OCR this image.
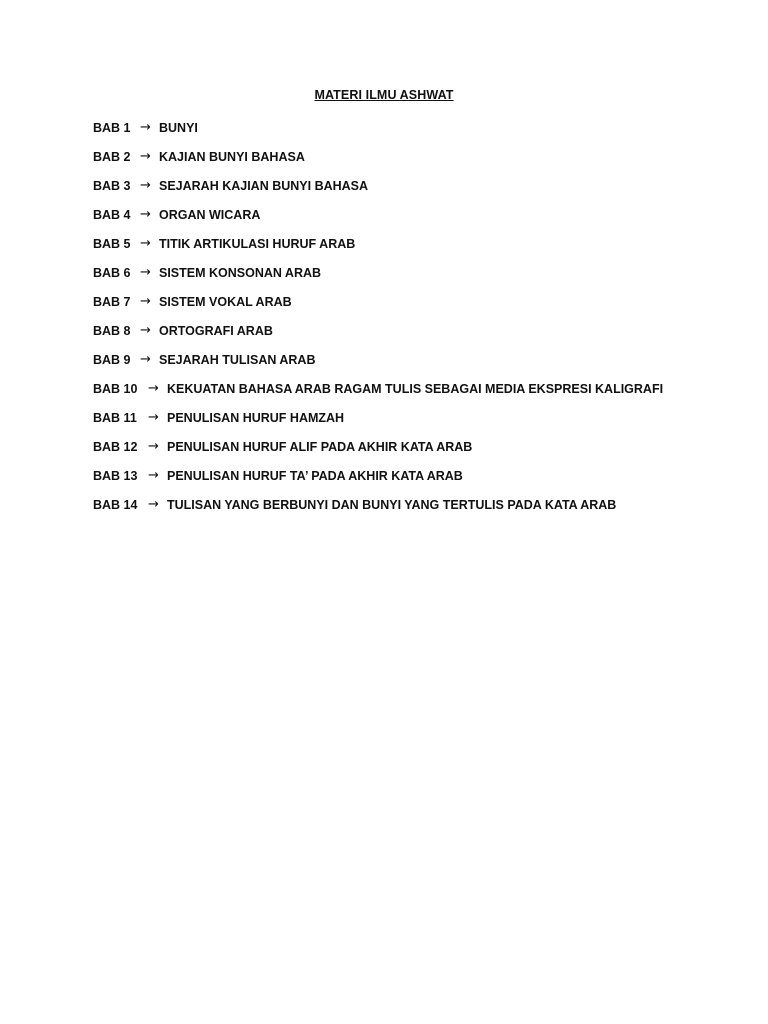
MATERI ILMU ASHWAT
BAB 1 → BUNYI
BAB 2 → KAJIAN BUNYI BAHASA
BAB 3 → SEJARAH KAJIAN BUNYI BAHASA
BAB 4 → ORGAN WICARA
BAB 5 → TITIK ARTIKULASI HURUF ARAB
BAB 6 → SISTEM KONSONAN ARAB
BAB 7 → SISTEM VOKAL ARAB
BAB 8 → ORTOGRAFI ARAB
BAB 9 → SEJARAH TULISAN ARAB
BAB 10 → KEKUATAN BAHASA ARAB RAGAM TULIS SEBAGAI MEDIA EKSPRESI KALIGRAFI
BAB 11 → PENULISAN HURUF HAMZAH
BAB 12 → PENULISAN HURUF ALIF PADA AKHIR KATA ARAB
BAB 13 → PENULISAN HURUF TA’ PADA AKHIR KATA ARAB
BAB 14 → TULISAN YANG BERBUNYI DAN BUNYI YANG TERTULIS PADA KATA ARAB
